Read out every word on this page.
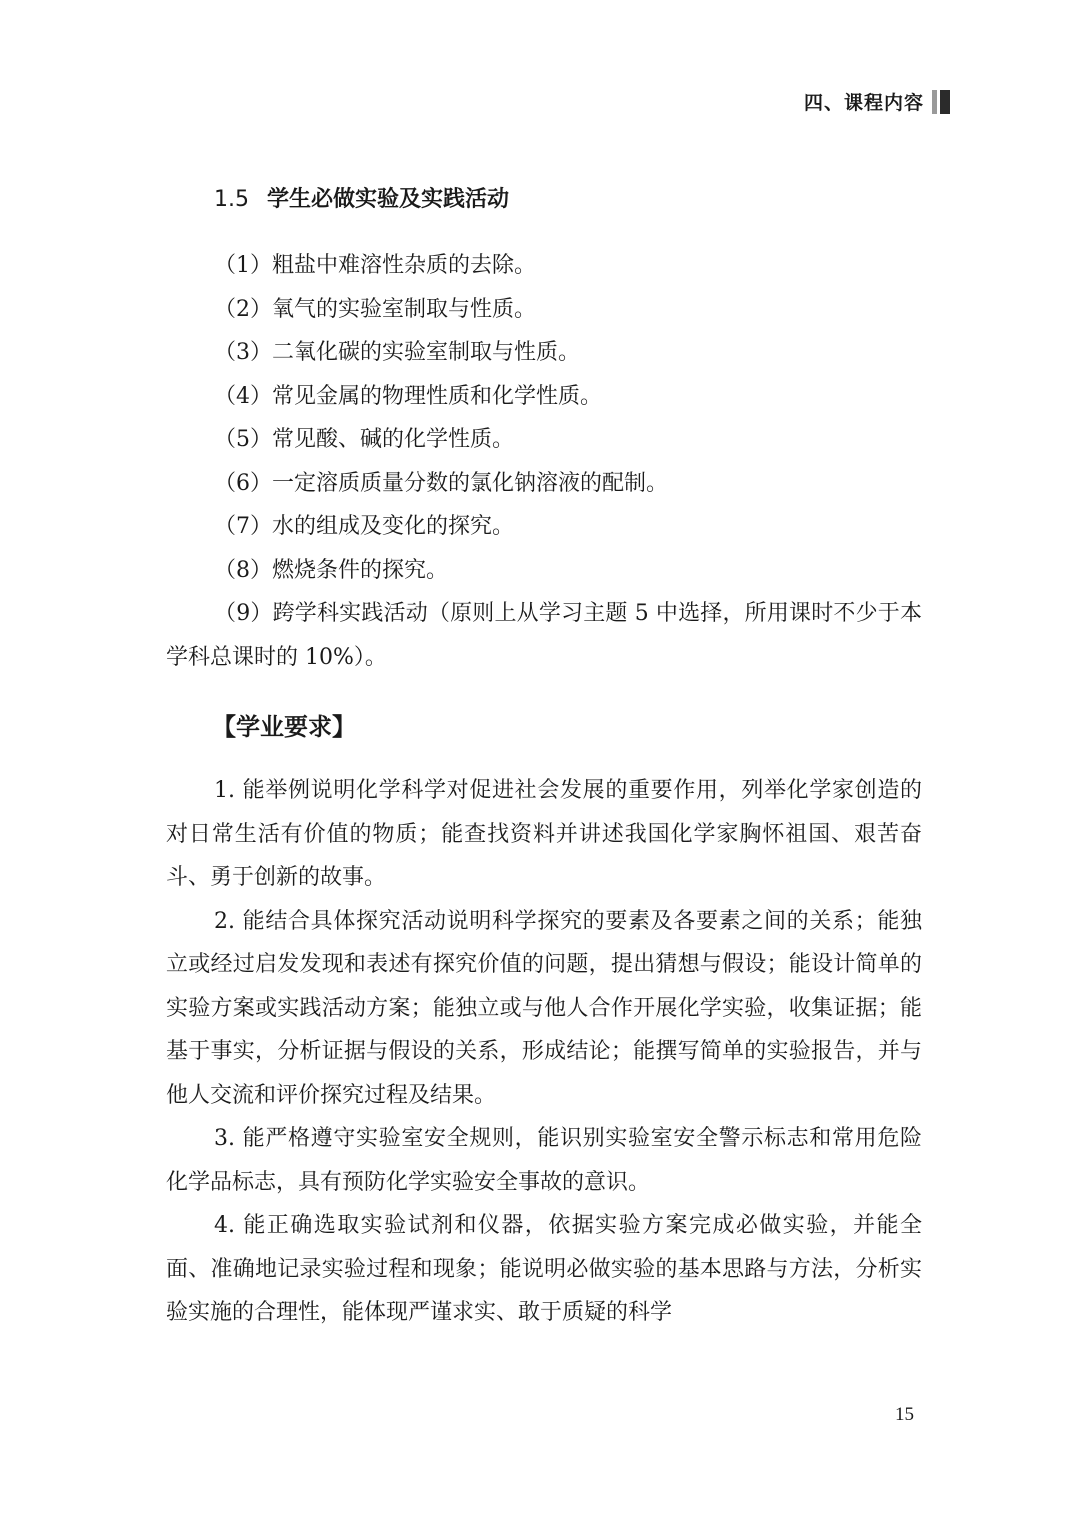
四、课程内容
1.5 学生必做实验及实践活动
（1）粗盐中难溶性杂质的去除。
（2）氧气的实验室制取与性质。
（3）二氧化碳的实验室制取与性质。
（4）常见金属的物理性质和化学性质。
（5）常见酸、碱的化学性质。
（6）一定溶质质量分数的氯化钠溶液的配制。
（7）水的组成及变化的探究。
（8）燃烧条件的探究。
（9）跨学科实践活动（原则上从学习主题 5 中选择，所用课时不少于本学科总课时的 10%）。
【学业要求】

1. 能举例说明化学科学对促进社会发展的重要作用，列举化学家创造的对日常生活有价值的物质；能查找资料并讲述我国化学家胸怀祖国、艰苦奋斗、勇于创新的故事。

2. 能结合具体探究活动说明科学探究的要素及各要素之间的关系；能独立或经过启发发现和表述有探究价值的问题，提出猜想与假设；能设计简单的实验方案或实践活动方案；能独立或与他人合作开展化学实验，收集证据；能基于事实，分析证据与假设的关系，形成结论；能撰写简单的实验报告，并与他人交流和评价探究过程及结果。

3. 能严格遵守实验室安全规则，能识别实验室安全警示标志和常用危险化学品标志，具有预防化学实验安全事故的意识。

4. 能正确选取实验试剂和仪器，依据实验方案完成必做实验，并能全面、准确地记录实验过程和现象；能说明必做实验的基本思路与方法，分析实验实施的合理性，能体现严谨求实、敢于质疑的科学

15
